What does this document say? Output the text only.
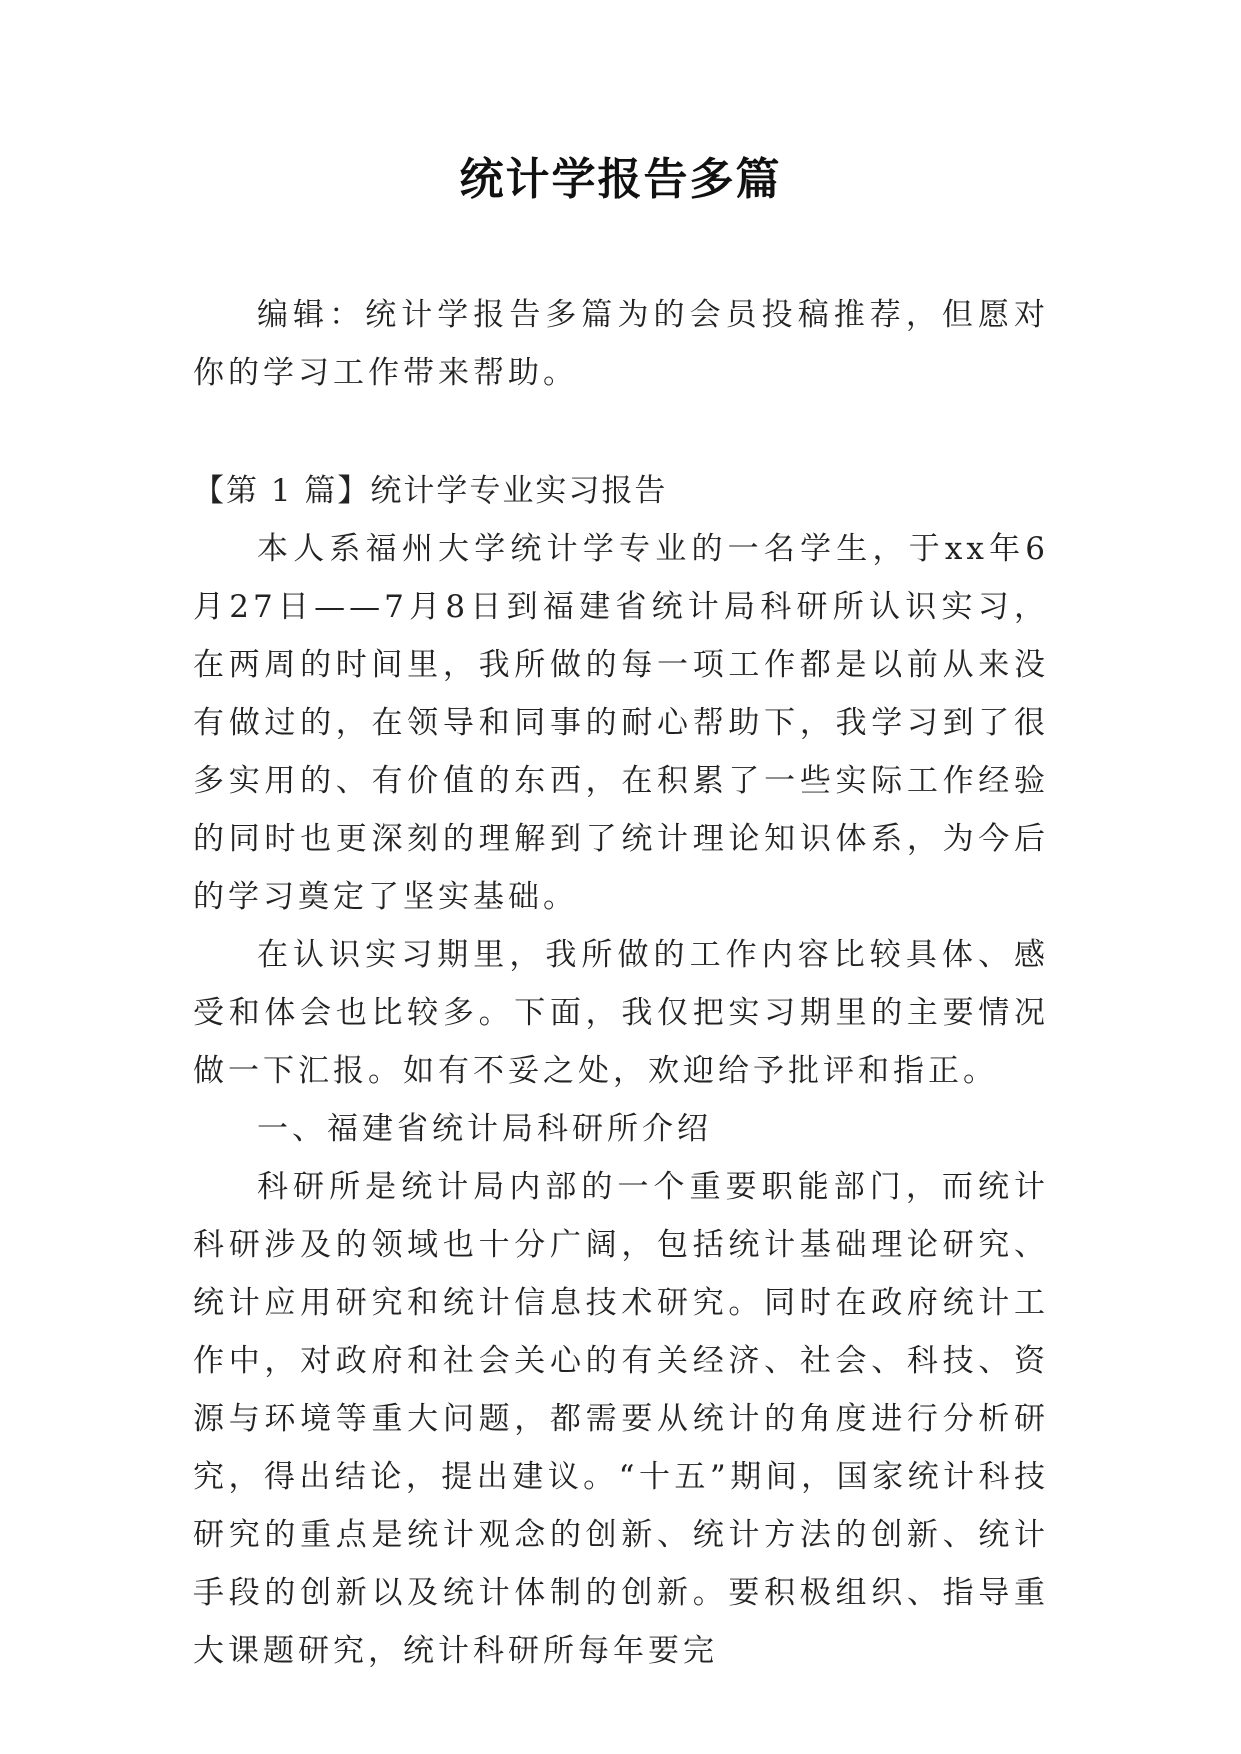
统计学报告多篇
编辑：统计学报告多篇为的会员投稿推荐，但愿对你的学习工作带来帮助。
【第 1 篇】统计学专业实习报告

本人系福州大学统计学专业的一名学生，于xx年6月27日——7月8日到福建省统计局科研所认识实习，在两周的时间里，我所做的每一项工作都是以前从来没有做过的，在领导和同事的耐心帮助下，我学习到了很多实用的、有价值的东西，在积累了一些实际工作经验的同时也更深刻的理解到了统计理论知识体系，为今后的学习奠定了坚实基础。

在认识实习期里，我所做的工作内容比较具体、感受和体会也比较多。下面，我仅把实习期里的主要情况做一下汇报。如有不妥之处，欢迎给予批评和指正。

一、福建省统计局科研所介绍

科研所是统计局内部的一个重要职能部门，而统计科研涉及的领域也十分广阔，包括统计基础理论研究、统计应用研究和统计信息技术研究。同时在政府统计工作中，对政府和社会关心的有关经济、社会、科技、资源与环境等重大问题，都需要从统计的角度进行分析研究，得出结论，提出建议。“十五”期间，国家统计科技研究的重点是统计观念的创新、统计方法的创新、统计手段的创新以及统计体制的创新。要积极组织、指导重大课题研究，统计科研所每年要完
